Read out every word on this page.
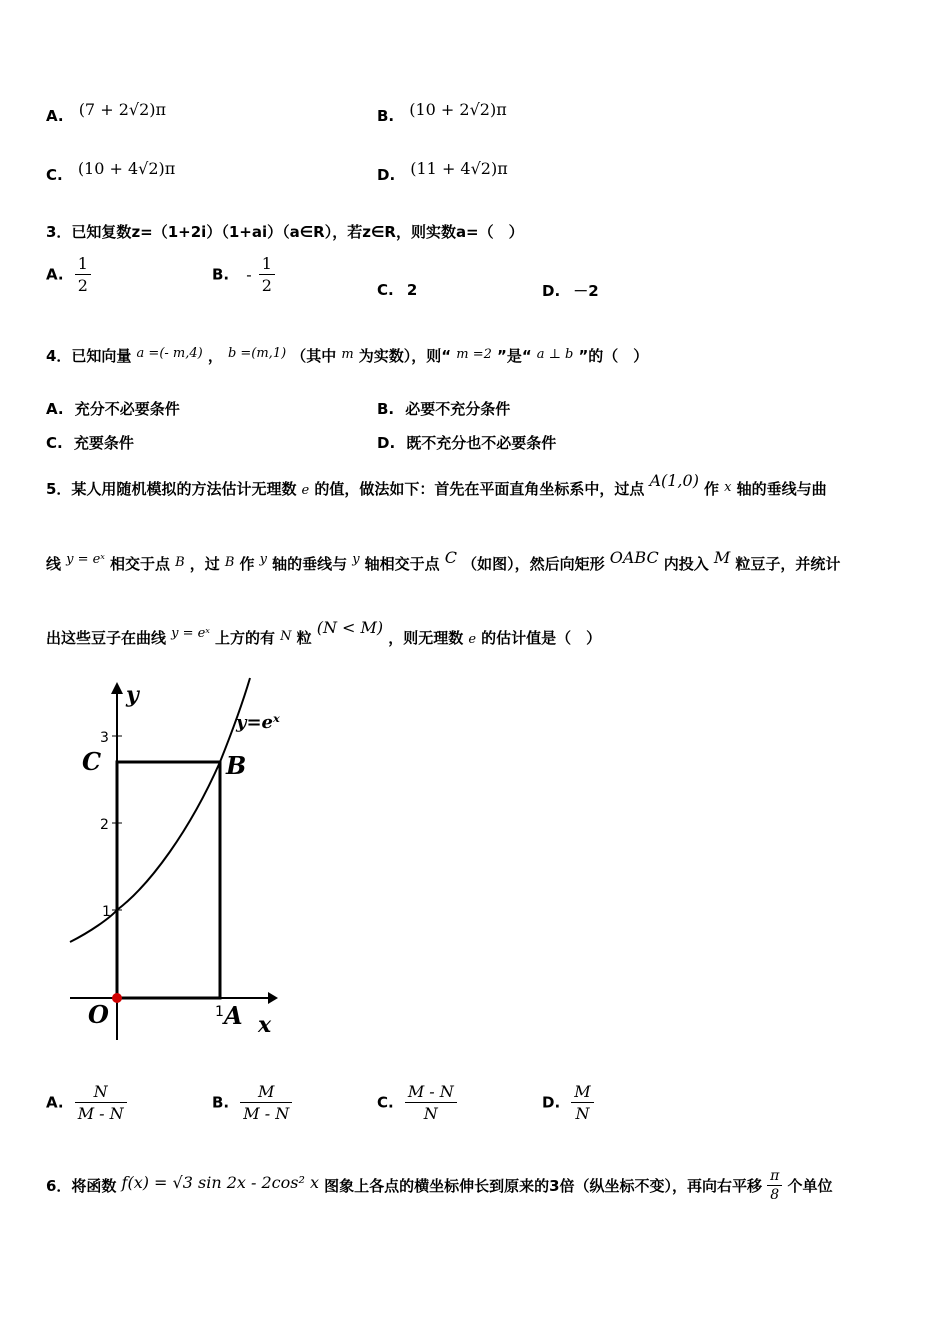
A. (7 + 2√2)π	B. (10 + 2√2)π
C. (10 + 4√2)π	D. (11 + 4√2)π
3．已知复数z=（1+2i）（1+ai）（a∈R），若z∈R，则实数a=（　）
A. $\frac{1}{2}$	B. - $\frac{1}{2}$	C. 2	D. －2
4．已知向量 $^{a =(- m,4)}$ ， $^{b =(m,1)}$ （其中 m 为实数），则“ m =2 ”是“ a ⊥ b ”的（　）
A. 充分不必要条件	B. 必要不充分条件
C. 充要条件	D. 既不充分也不必要条件
5．某人用随机模拟的方法估计无理数 e 的值，做法如下：首先在平面直角坐标系中，过点 A(1,0) 作 x 轴的垂线与曲
线 $^{y = eˣ}$ 相交于点 B ，过 B 作 $^y$ 轴的垂线与 $^y$ 轴相交于点 C （如图），然后向矩形 OABC 内投入 M 粒豆子，并统计
出这些豆子在曲线 $^{y = eˣ}$ 上方的有 N 粒 (N < M) ，则无理数 e 的估计值是（　）
y
x
y=eˣ
3
2
1
1
C	B
O	A
A. $\frac{N}{M - N}$	B. $\frac{M}{M - N}$	C. $\frac{M - N}{N}$	D. $\frac{M}{N}$
6．将函数 f(x) = √3 sin 2x - 2cos² x 图象上各点的横坐标伸长到原来的3倍（纵坐标不变），再向右平移 $\frac{\pi}{8}$ 个单位
